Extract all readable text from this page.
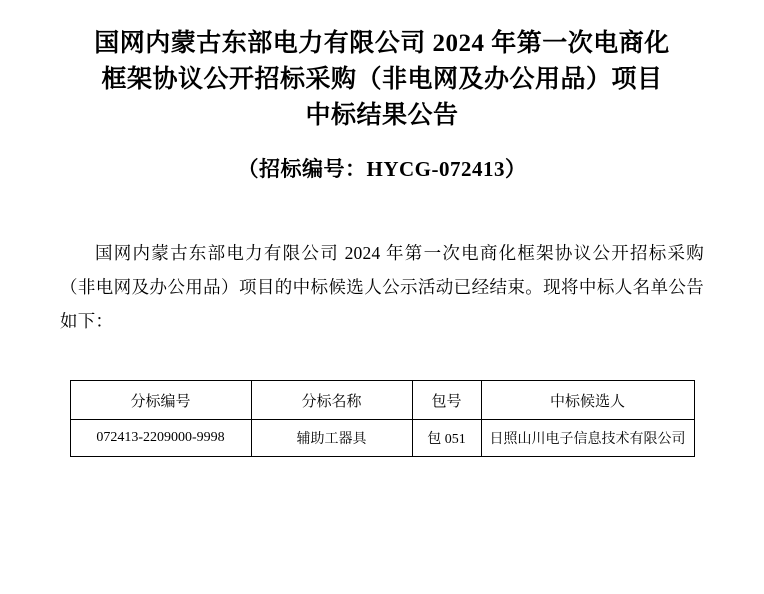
国网内蒙古东部电力有限公司 2024 年第一次电商化
框架协议公开招标采购（非电网及办公用品）项目
中标结果公告
（招标编号：HYCG-072413）

国网内蒙古东部电力有限公司 2024 年第一次电商化框架协议公开招标采购（非电网及办公用品）项目的中标候选人公示活动已经结束。现将中标人名单公告如下：

分标编号	分标名称	包号	中标候选人
072413-2209000-9998	辅助工器具	包 051	日照山川电子信息技术有限公司
